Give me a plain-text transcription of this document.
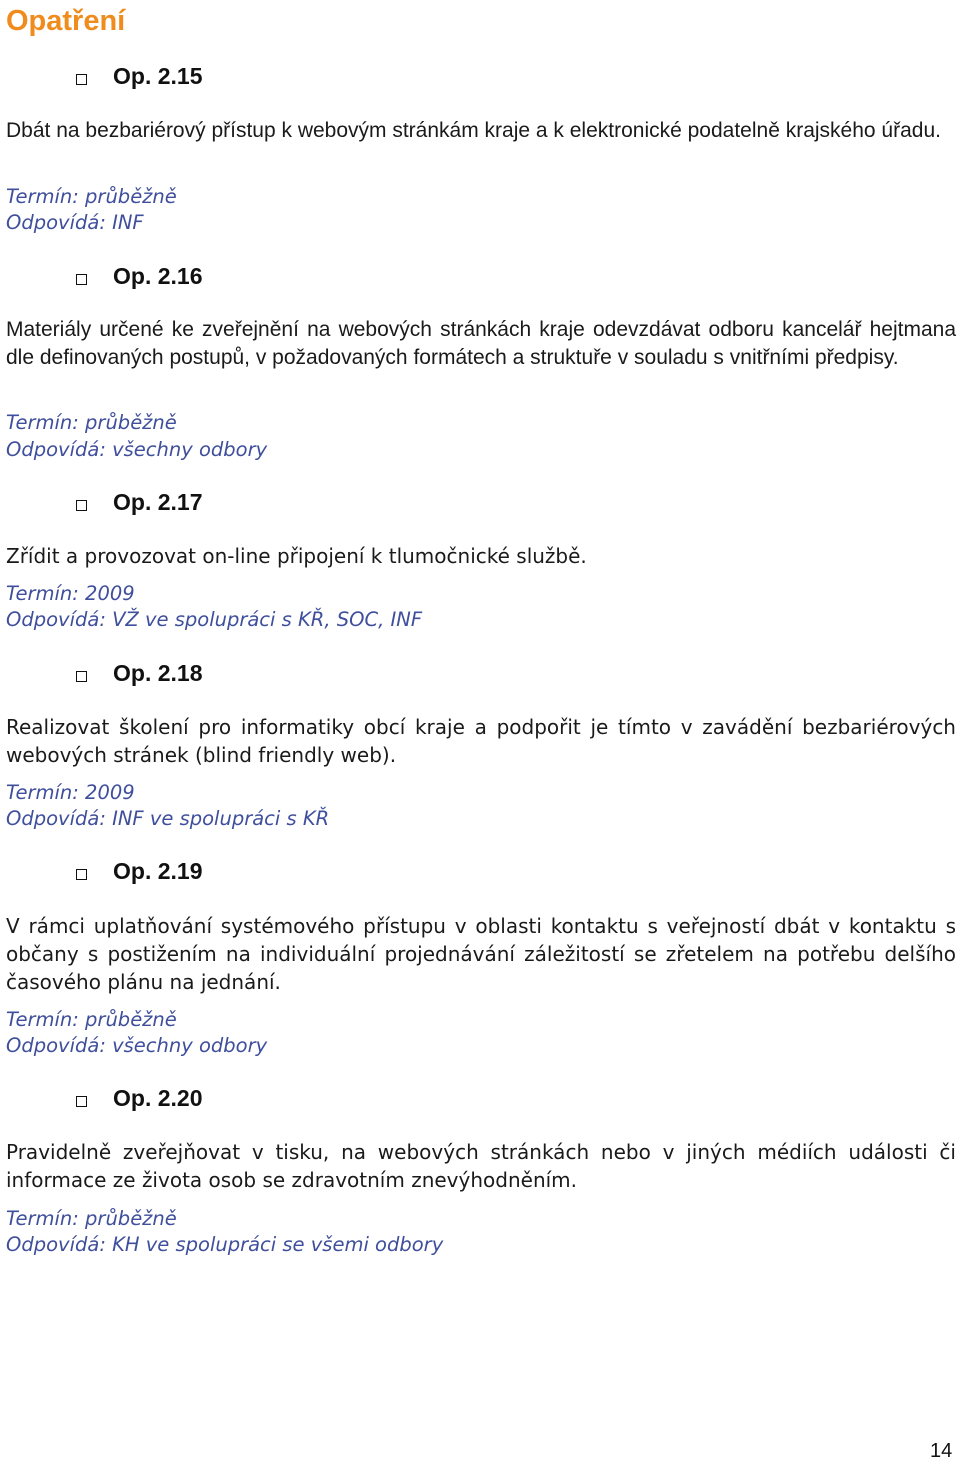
Opatření
Op. 2.15

Dbát na bezbariérový přístup k webovým stránkám kraje a k elektronické podatelně krajského úřadu.

Termín: průběžně
Odpovídá: INF
Op. 2.16

Materiály určené ke zveřejnění na webových stránkách kraje odevzdávat odboru kancelář hejtmana dle definovaných postupů, v požadovaných formátech a struktuře v souladu s vnitřními předpisy.

Termín: průběžně
Odpovídá: všechny odbory
Op. 2.17

Zřídit a provozovat on-line připojení k tlumočnické službě.

Termín: 2009
Odpovídá: VŽ ve spolupráci s KŘ, SOC, INF
Op. 2.18

Realizovat školení pro informatiky obcí kraje a podpořit je tímto v zavádění bezbariérových webových stránek (blind friendly web).

Termín: 2009
Odpovídá: INF ve spolupráci s KŘ
Op. 2.19

V rámci uplatňování systémového přístupu v oblasti kontaktu s veřejností dbát v kontaktu s občany s postižením na individuální projednávání záležitostí se zřetelem na potřebu delšího časového plánu na jednání.

Termín: průběžně
Odpovídá: všechny odbory
Op. 2.20

Pravidelně zveřejňovat v tisku, na webových stránkách nebo v jiných médiích události či informace ze života osob se zdravotním znevýhodněním.

Termín: průběžně
Odpovídá: KH ve spolupráci se všemi odbory
14
